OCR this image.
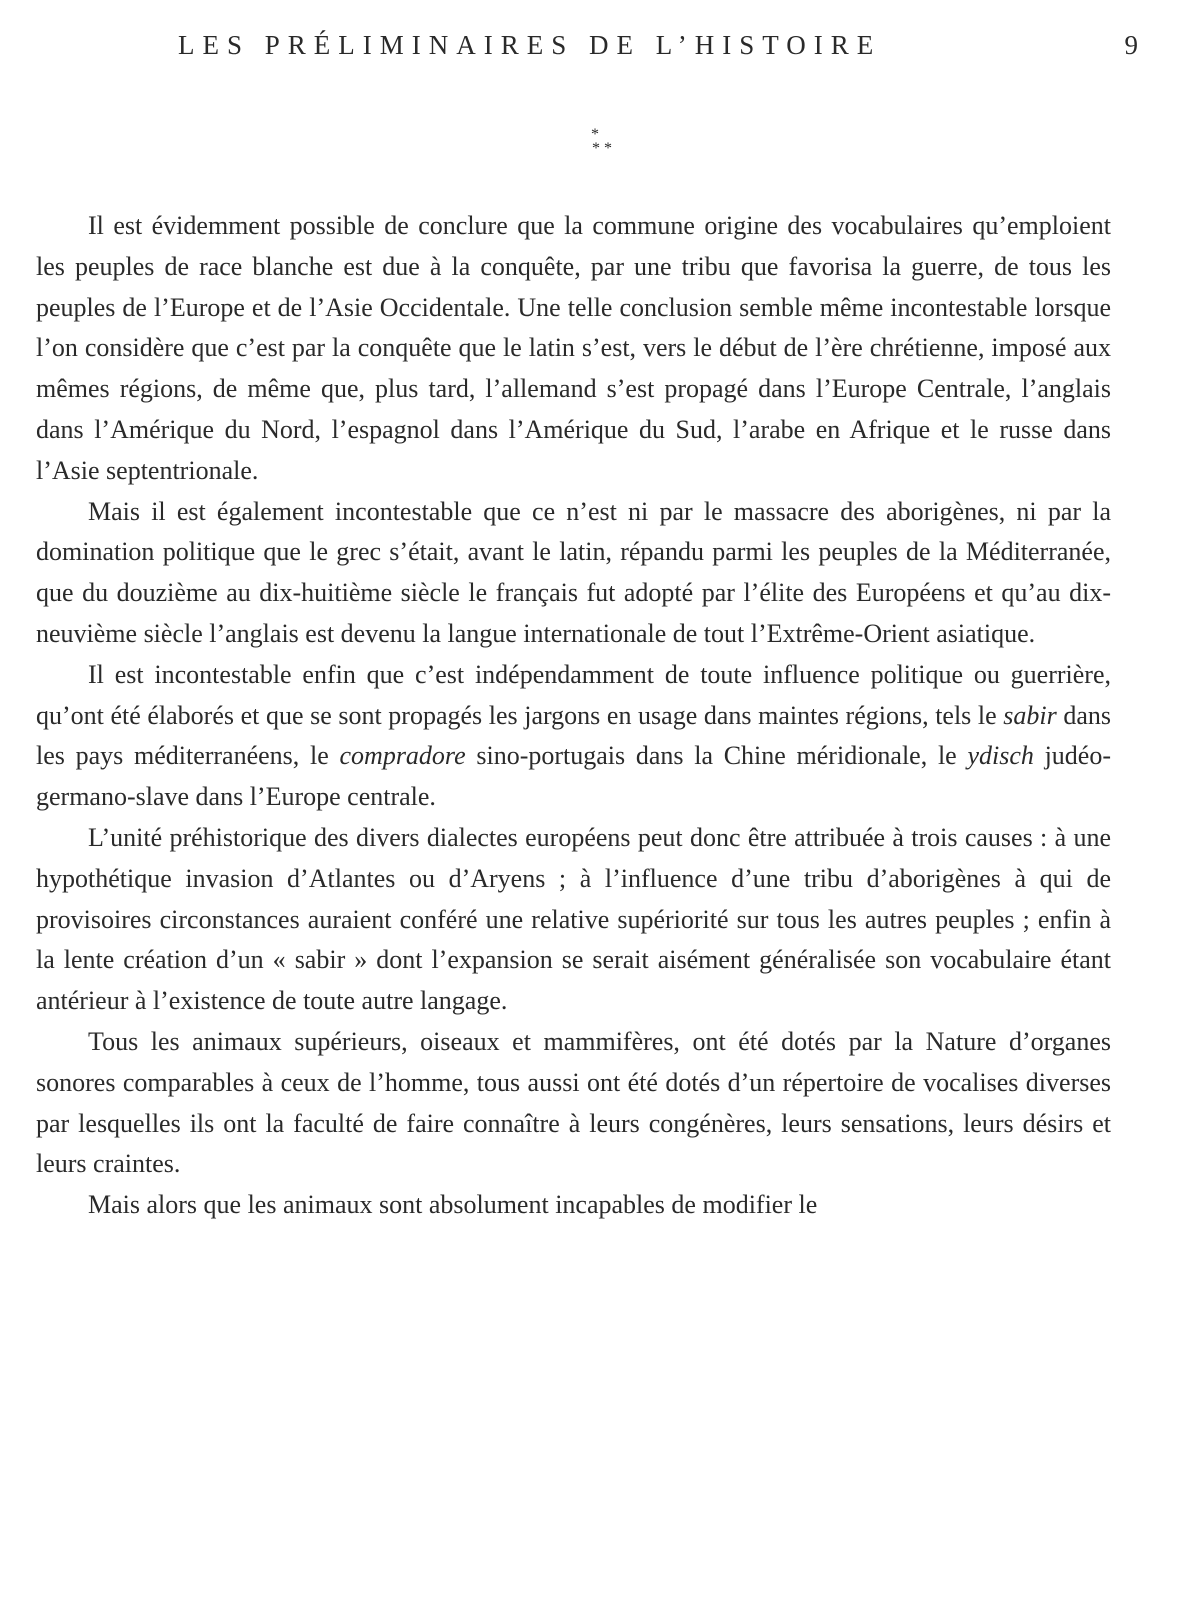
LES PRÉLIMINAIRES DE L’HISTOIRE	9
*
* *

Il est évidemment possible de conclure que la commune origine des vocabulaires qu’emploient les peuples de race blanche est due à la conquête, par une tribu que favorisa la guerre, de tous les peuples de l’Europe et de l’Asie Occidentale. Une telle conclusion semble même incontestable lorsque l’on considère que c’est par la conquête que le latin s’est, vers le début de l’ère chrétienne, imposé aux mêmes régions, de même que, plus tard, l’allemand s’est propagé dans l’Europe Centrale, l’anglais dans l’Amérique du Nord, l’espagnol dans l’Amérique du Sud, l’arabe en Afrique et le russe dans l’Asie septentrionale.

Mais il est également incontestable que ce n’est ni par le massacre des aborigènes, ni par la domination politique que le grec s’était, avant le latin, répandu parmi les peuples de la Méditerranée, que du douzième au dix-huitième siècle le français fut adopté par l’élite des Européens et qu’au dix-neuvième siècle l’anglais est devenu la langue internationale de tout l’Extrême-Orient asiatique.

Il est incontestable enfin que c’est indépendamment de toute influence politique ou guerrière, qu’ont été élaborés et que se sont propagés les jargons en usage dans maintes régions, tels le sabir dans les pays méditerranéens, le compradore sino-portugais dans la Chine méridionale, le ydisch judéo-germano-slave dans l’Europe centrale.

L’unité préhistorique des divers dialectes européens peut donc être attribuée à trois causes : à une hypothétique invasion d’Atlantes ou d’Aryens ; à l’influence d’une tribu d’aborigènes à qui de provisoires circonstances auraient conféré une relative supériorité sur tous les autres peuples ; enfin à la lente création d’un « sabir » dont l’expansion se serait aisément généralisée son vocabulaire étant antérieur à l’existence de toute autre langage.

Tous les animaux supérieurs, oiseaux et mammifères, ont été dotés par la Nature d’organes sonores comparables à ceux de l’homme, tous aussi ont été dotés d’un répertoire de vocalises diverses par lesquelles ils ont la faculté de faire connaître à leurs congénères, leurs sensations, leurs désirs et leurs craintes.

Mais alors que les animaux sont absolument incapables de modifier le
